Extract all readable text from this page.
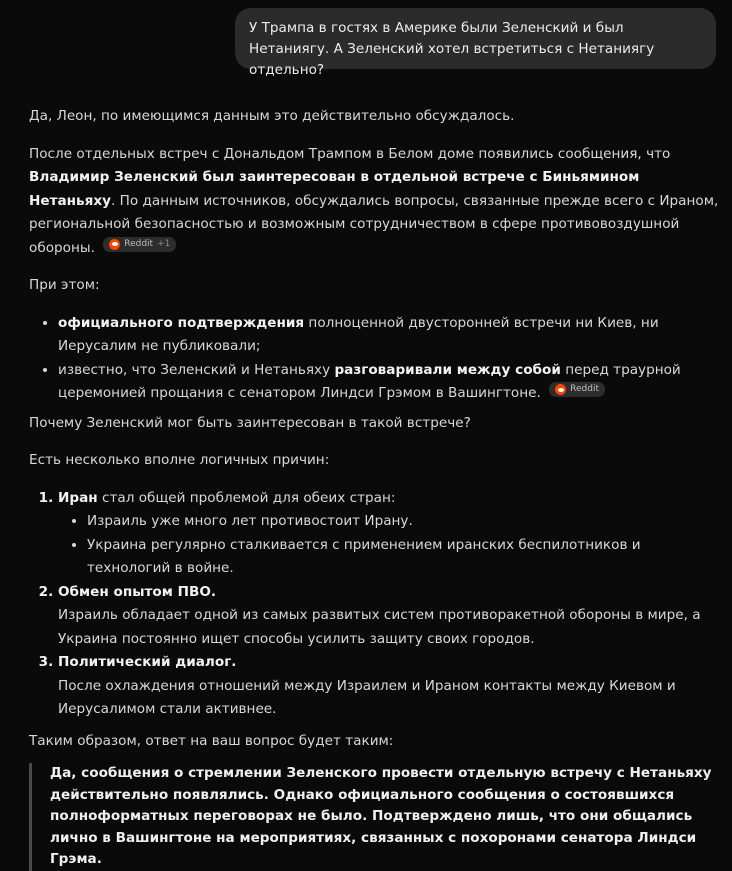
У Трампа в гостях в Америке были Зеленский и был Нетаниягу. А Зеленский хотел встретиться с Нетаниягу отдельно?

Да, Леон, по имеющимся данным это действительно обсуждалось.

После отдельных встреч с Дональдом Трампом в Белом доме появились сообщения, что Владимир Зеленский был заинтересован в отдельной встрече с Биньямином Нетаньяху. По данным источников, обсуждались вопросы, связанные прежде всего с Ираном, региональной безопасностью и возможным сотрудничеством в сфере противовоздушной обороны.	Reddit +1

При этом:

• официального подтверждения полноценной двусторонней встречи ни Киев, ни Иерусалим не публиковали;
• известно, что Зеленский и Нетаньяху разговаривали между собой перед траурной церемонией прощания с сенатором Линдси Грэмом в Вашингтоне.	Reddit

Почему Зеленский мог быть заинтересован в такой встрече?

Есть несколько вполне логичных причин:

1. Иран стал общей проблемой для обеих стран:
• Израиль уже много лет противостоит Ирану.
• Украина регулярно сталкивается с применением иранских беспилотников и технологий в войне.
2. Обмен опытом ПВО.
Израиль обладает одной из самых развитых систем противоракетной обороны в мире, а Украина постоянно ищет способы усилить защиту своих городов.
3. Политический диалог.
После охлаждения отношений между Израилем и Ираном контакты между Киевом и Иерусалимом стали активнее.

Таким образом, ответ на ваш вопрос будет таким:

Да, сообщения о стремлении Зеленского провести отдельную встречу с Нетаньяху действительно появлялись. Однако официального сообщения о состоявшихся полноформатных переговорах не было. Подтверждено лишь, что они общались лично в Вашингтоне на мероприятиях, связанных с похоронами сенатора Линдси Грэма.
